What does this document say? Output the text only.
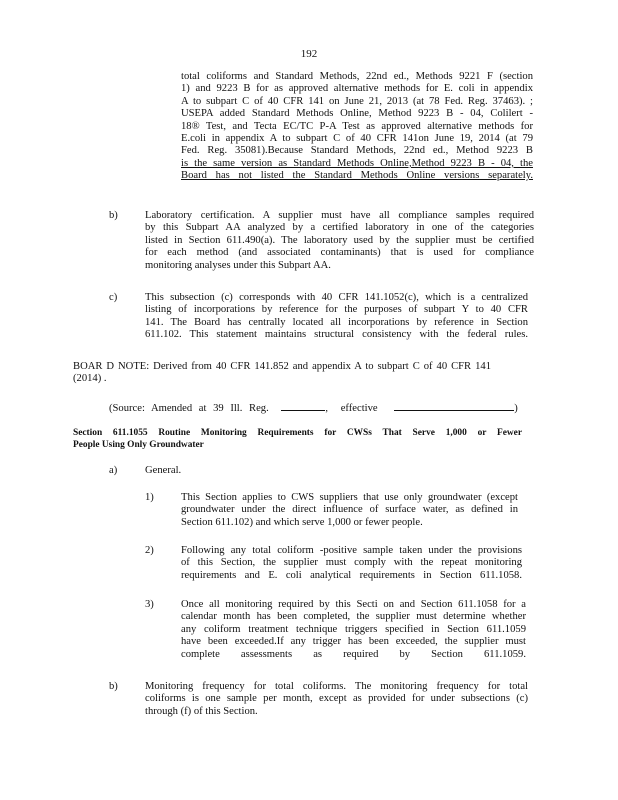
192
total coliforms and Standard Methods, 22nd ed., Methods 9221 F (section
1) and 9223 B for as approved alternative methods for E. coli in appendix
A to subpart C of 40 CFR 141 on June 21, 2013 (at 78 Fed. Reg. 37463). ;
USEPA added Standard Methods Online, Method 9223 B - 04, Colilert -
18® Test, and Tecta EC/TC P-A Test as approved alternative methods for
E.coli in appendix A to subpart C of 40 CFR 141on June 19, 2014 (at 79
Fed. Reg. 35081).Because Standard Methods, 22nd ed., Method 9223 B
is the same version as Standard Methods Online,Method 9223 B - 04, the
Board has not listed the Standard Methods Online versions separately.
b)	Laboratory certification. A supplier must have all compliance samples required
by this Subpart AA analyzed by a certified laboratory in one of the categories
listed in Section 611.490(a). The laboratory used by the supplier must be certified
for each method (and associated contaminants) that is used for compliance
monitoring analyses under this Subpart AA.
c)	This subsection (c) corresponds with 40 CFR 141.1052(c), which is a centralized
listing of incorporations by reference for the purposes of subpart Y to 40 CFR
141. The Board has centrally located all incorporations by reference in Section
611.102. This statement maintains structural consistency with the federal rules.
BOAR D NOTE: Derived from 40 CFR 141.852 and appendix A to subpart C of 40 CFR 141
(2014) .
(Source: Amended at 39 Ill. Reg.	, effective	)
Section 611.1055 Routine Monitoring Requirements for CWSs That Serve 1,000 or Fewer
People Using Only Groundwater
a)	General.
1)	This Section applies to CWS suppliers that use only groundwater (except
groundwater under the direct influence of surface water, as defined in
Section 611.102) and which serve 1,000 or fewer people.
2)	Following any total coliform -positive sample taken under the provisions
of this Section, the supplier must comply with the repeat monitoring
requirements and E. coli analytical requirements in Section 611.1058.
3)	Once all monitoring required by this Secti on and Section 611.1058 for a
calendar month has been completed, the supplier must determine whether
any coliform treatment technique triggers specified in Section 611.1059
have been exceeded.If any trigger has been exceeded, the supplier must
complete assessments as required by Section 611.1059.
b)	Monitoring frequency for total coliforms. The monitoring frequency for total
coliforms is one sample per month, except as provided for under subsections (c)
through (f) of this Section.
